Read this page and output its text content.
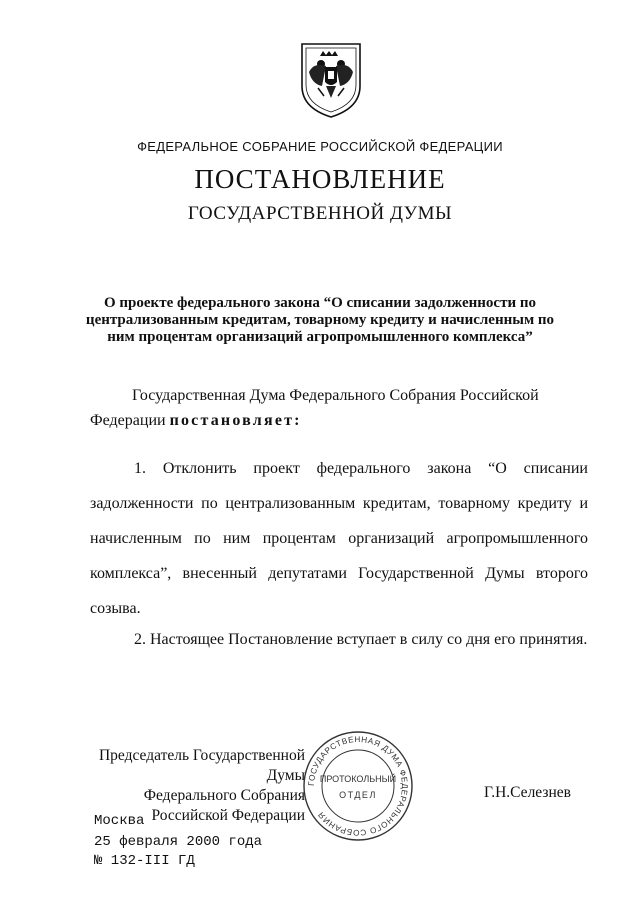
ФЕДЕРАЛЬНОЕ СОБРАНИЕ РОССИЙСКОЙ ФЕДЕРАЦИИ
ПОСТАНОВЛЕНИЕ
ГОСУДАРСТВЕННОЙ ДУМЫ
О проекте федерального закона “О списании задолженности по централизованным кредитам, товарному кредиту и начисленным по ним процентам организаций агропромышленного комплекса”
Государственная Дума Федерального Собрания Российской Федерации постановляет:
1. Отклонить проект федерального закона “О списании задолженности по централизованным кредитам, товарному кредиту и начисленным по ним процентам организаций агропромышленного комплекса”, внесенный депутатами Государственной Думы второго созыва.
2. Настоящее Постановление вступает в силу со дня его принятия.
Председатель Государственной Думы
Федерального Собрания
Российской Федерации
ГОСУДАРСТВЕННАЯ ДУМА ФЕДЕРАЛЬНОГО СОБРАНИЯ
ПРОТОКОЛЬНЫЙ
ОТДЕЛ	Г.Н.Селезнев
Москва
25 февраля 2000 года
№ 132-III ГД
